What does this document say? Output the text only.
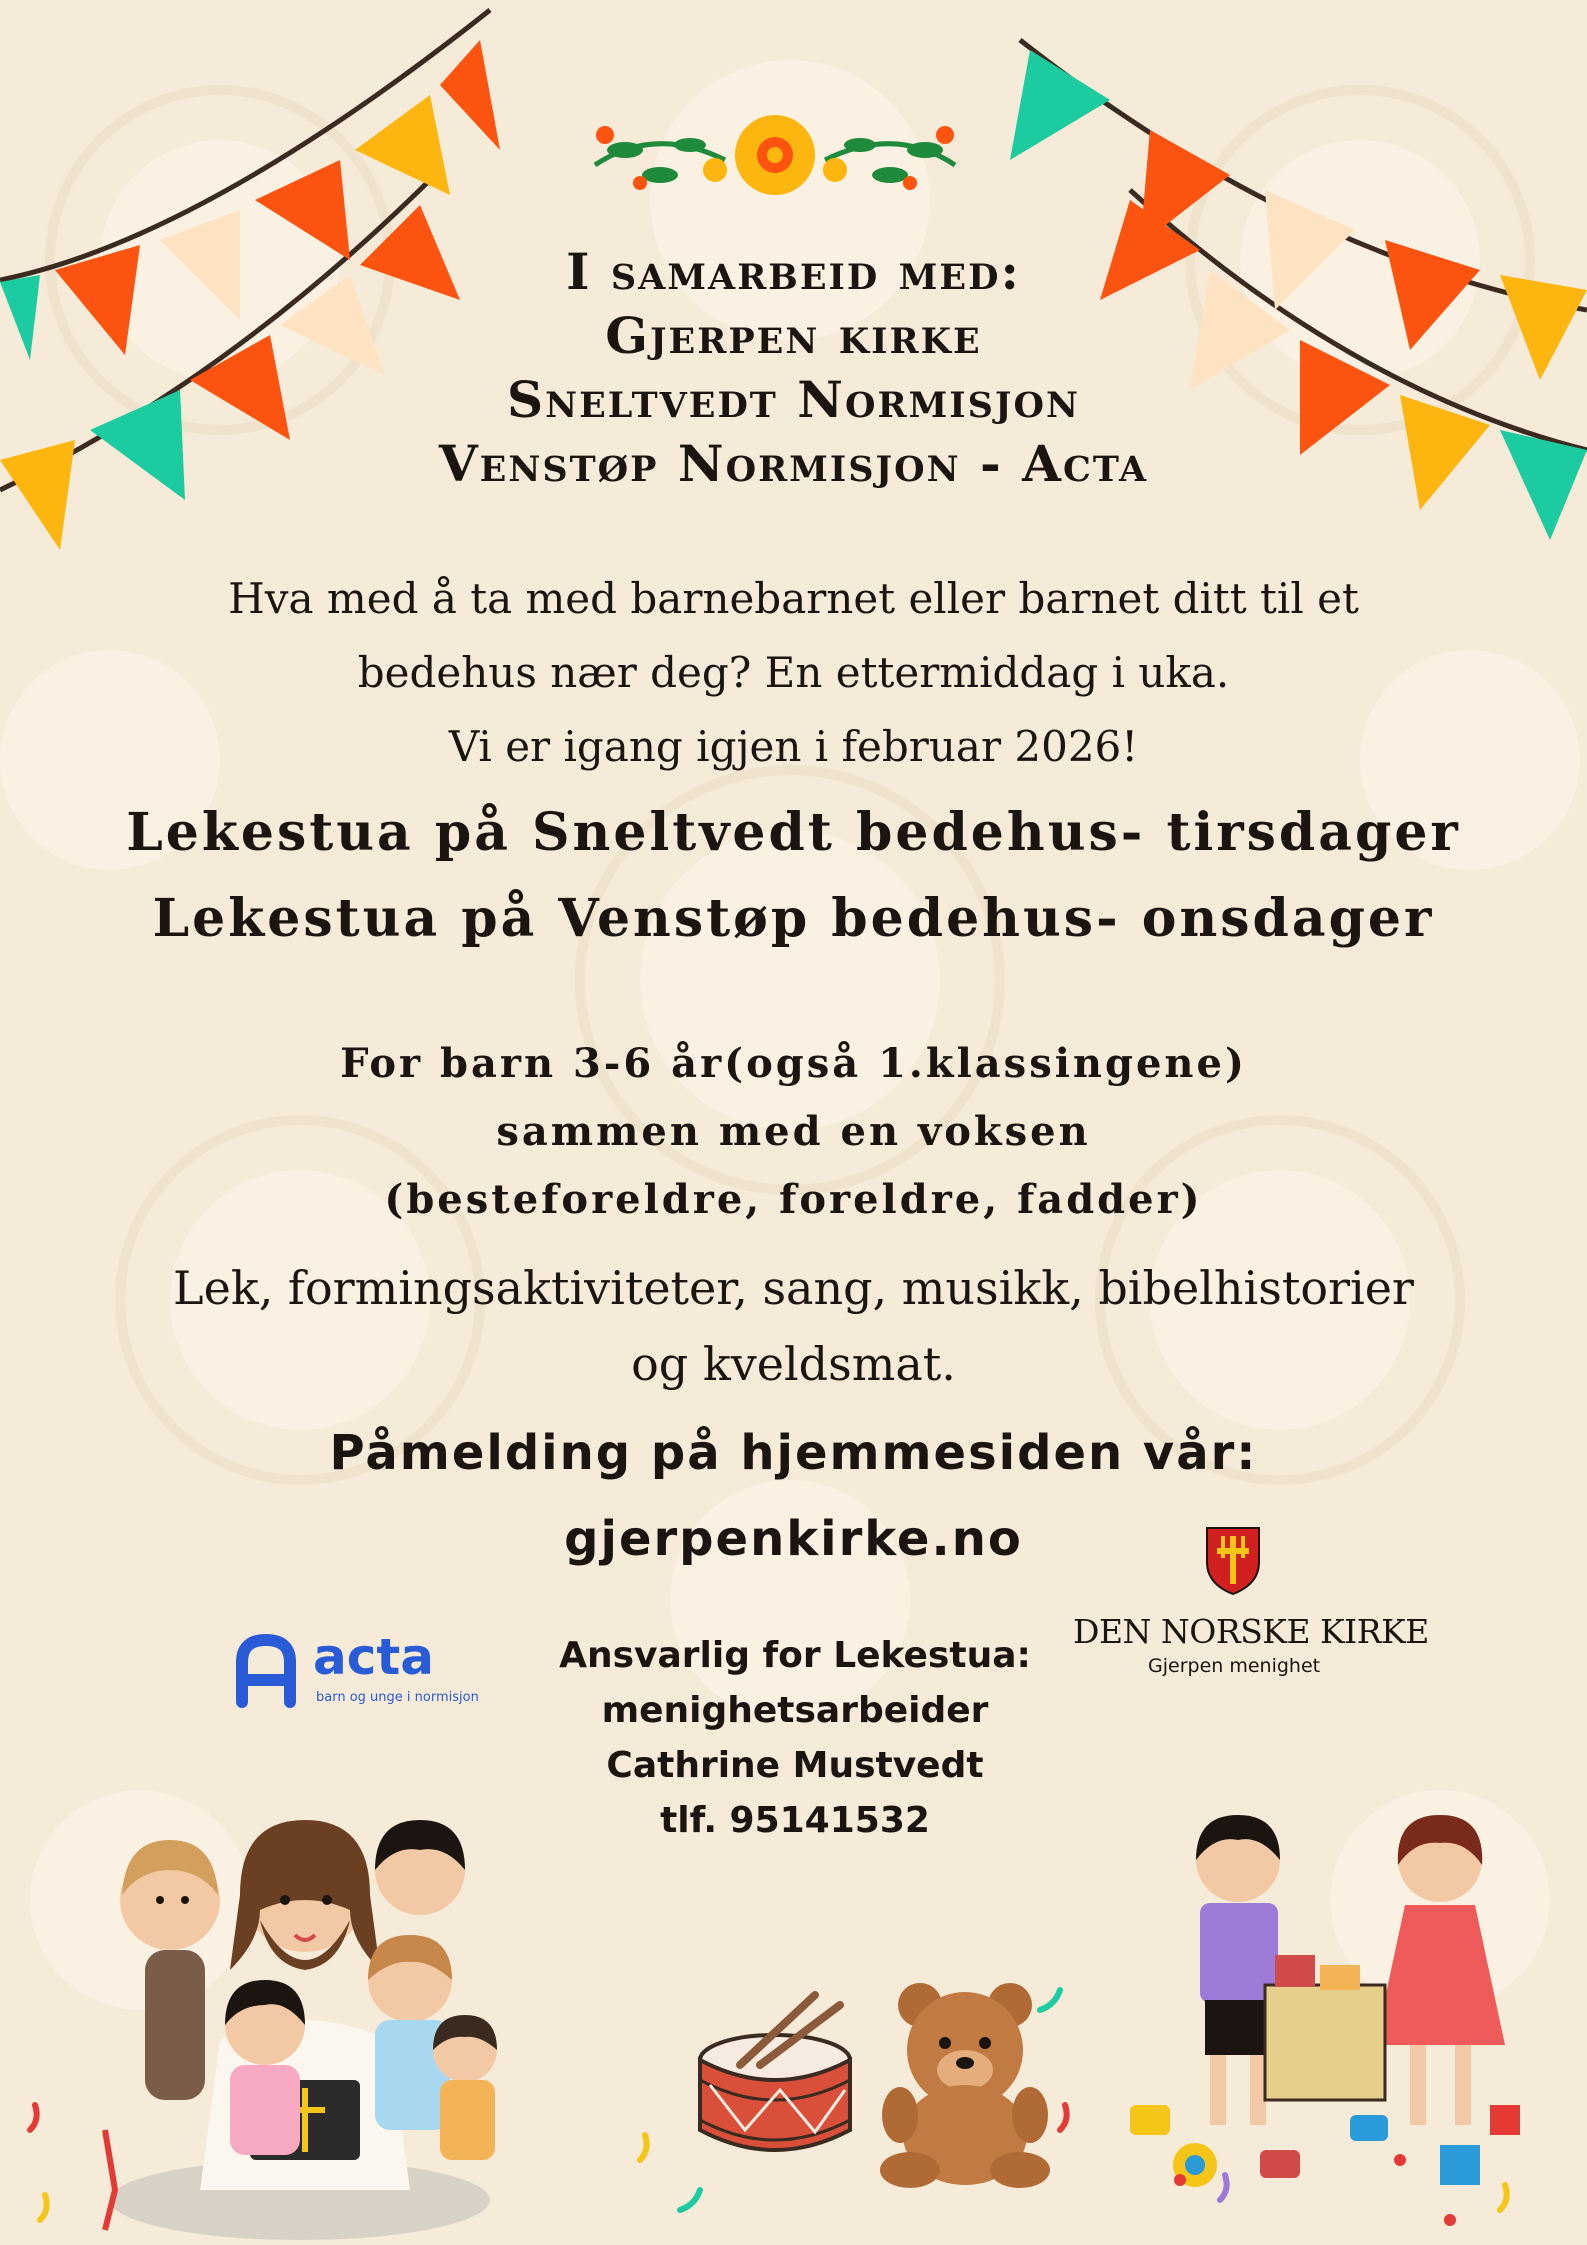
I samarbeid med:
Gjerpen kirke
Sneltvedt Normisjon
Venstøp Normisjon - Acta
Hva med å ta med barnebarnet eller barnet ditt til et
bedehus nær deg? En ettermiddag i uka.
Vi er igang igjen i februar 2026!
Lekestua på Sneltvedt bedehus- tirsdager
Lekestua på Venstøp bedehus- onsdager
For barn 3-6 år(også 1.klassingene)
sammen med en voksen
(besteforeldre, foreldre, fadder)
Lek, formingsaktiviteter, sang, musikk, bibelhistorier
og kveldsmat.
Påmelding på hjemmesiden vår:
gjerpenkirke.no
acta
barn og unge i normisjon
Ansvarlig for Lekestua:
menighetsarbeider
Cathrine Mustvedt
tlf. 95141532
DEN NORSKE KIRKE
Gjerpen menighet
